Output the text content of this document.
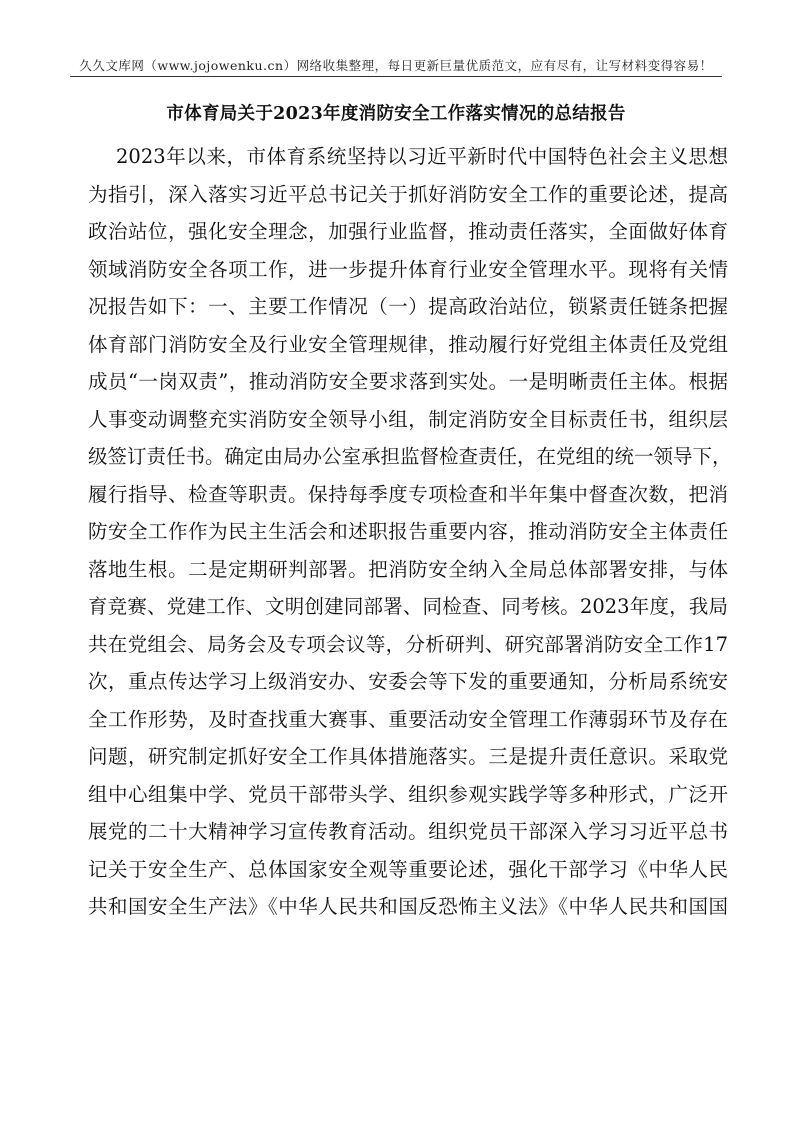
久久文库网（www.jojowenku.cn）网络收集整理，每日更新巨量优质范文，应有尽有，让写材料变得容易！
市体育局关于2023年度消防安全工作落实情况的总结报告
2023年以来，市体育系统坚持以习近平新时代中国特色社会主义思想
为指引，深入落实习近平总书记关于抓好消防安全工作的重要论述，提高
政治站位，强化安全理念，加强行业监督，推动责任落实，全面做好体育
领域消防安全各项工作，进一步提升体育行业安全管理水平。现将有关情
况报告如下：一、主要工作情况（一）提高政治站位，锁紧责任链条把握
体育部门消防安全及行业安全管理规律，推动履行好党组主体责任及党组
成员“一岗双责”，推动消防安全要求落到实处。一是明晰责任主体。根据
人事变动调整充实消防安全领导小组，制定消防安全目标责任书，组织层
级签订责任书。确定由局办公室承担监督检查责任，在党组的统一领导下，
履行指导、检查等职责。保持每季度专项检查和半年集中督查次数，把消
防安全工作作为民主生活会和述职报告重要内容，推动消防安全主体责任
落地生根。二是定期研判部署。把消防安全纳入全局总体部署安排，与体
育竞赛、党建工作、文明创建同部署、同检查、同考核。2023年度，我局
共在党组会、局务会及专项会议等，分析研判、研究部署消防安全工作17
次，重点传达学习上级消安办、安委会等下发的重要通知，分析局系统安
全工作形势，及时查找重大赛事、重要活动安全管理工作薄弱环节及存在
问题，研究制定抓好安全工作具体措施落实。三是提升责任意识。采取党
组中心组集中学、党员干部带头学、组织参观实践学等多种形式，广泛开
展党的二十大精神学习宣传教育活动。组织党员干部深入学习习近平总书
记关于安全生产、总体国家安全观等重要论述，强化干部学习《中华人民
共和国安全生产法》《中华人民共和国反恐怖主义法》《中华人民共和国国
